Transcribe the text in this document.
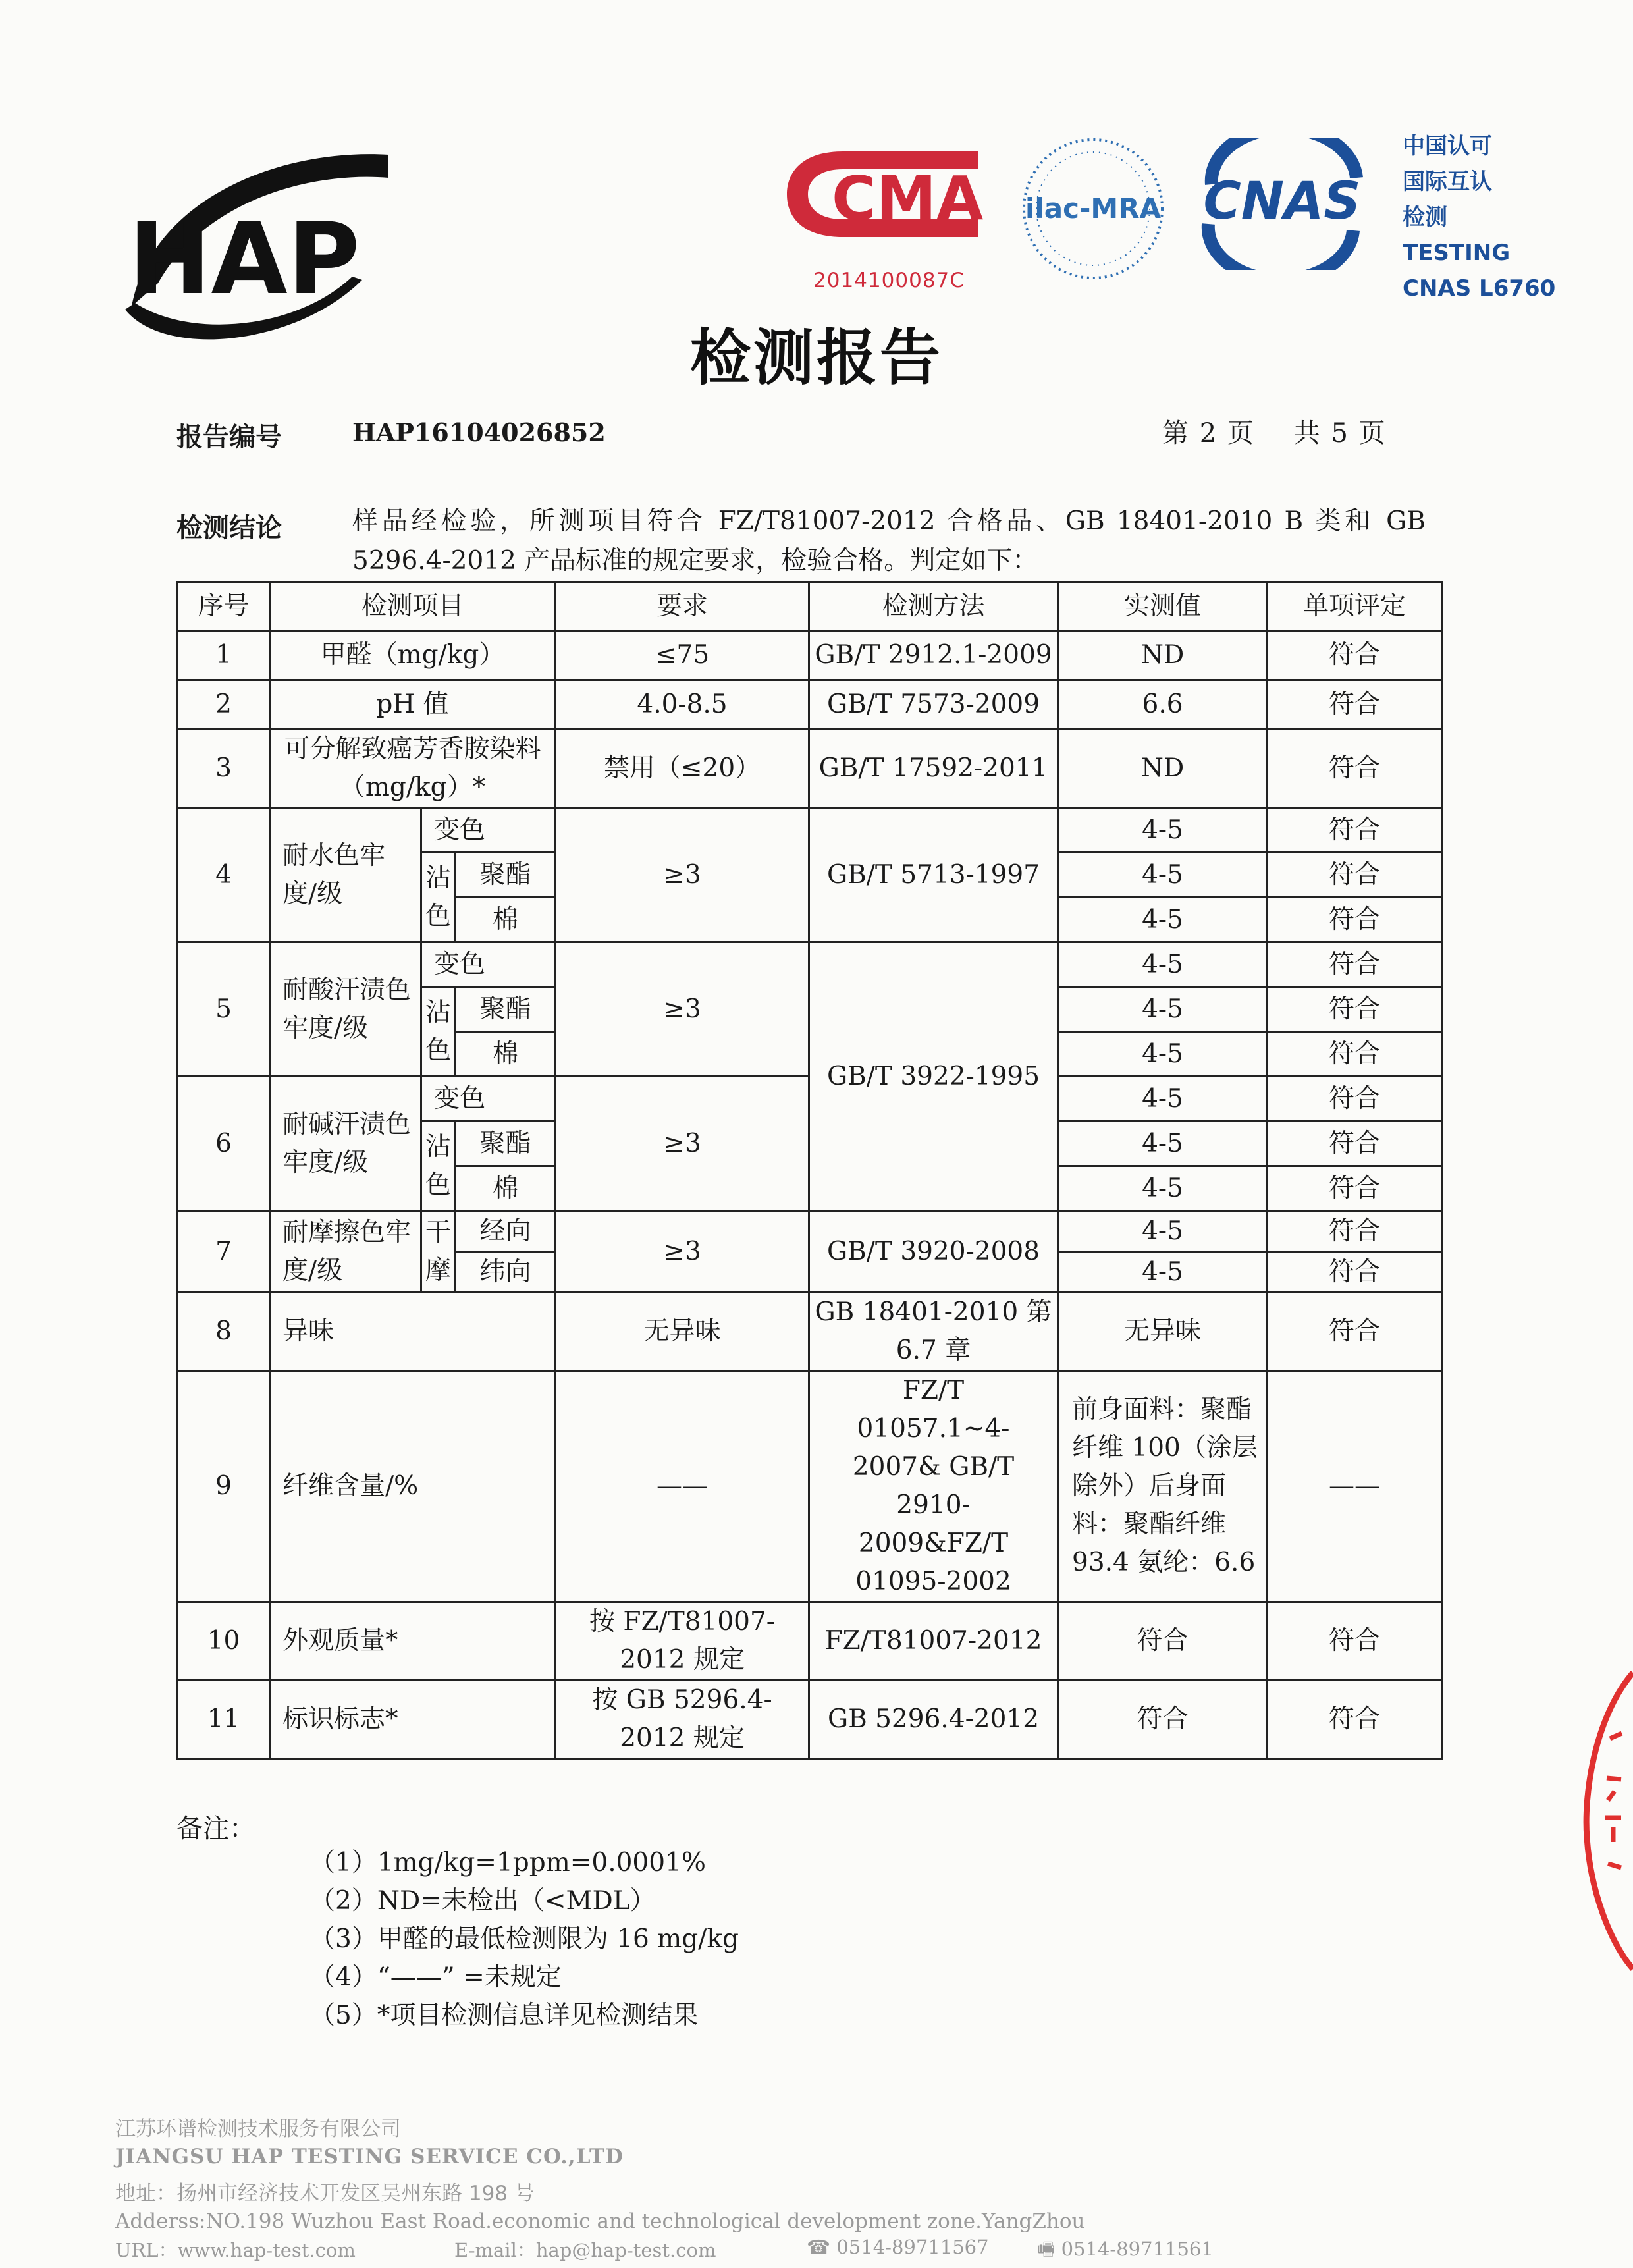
HAP
CMA
2014100087C
ilac-MRA CNAS
中国认可
国际互认
检测
TESTING
CNAS L6760
检测报告
报告编号	HAP16104026852	第 2 页    共 5 页
检测结论	样品经检验，所测项目符合 FZ/T81007-2012 合格品、GB 18401-2010 B 类和 GB 5296.4-2012 产品标准的规定要求，检验合格。判定如下：
序号	检测项目			要求	检测方法	实测值	单项评定
1	甲醛（mg/kg）			≤75	GB/T 2912.1-2009	ND	符合
2	pH 值			4.0-8.5	GB/T 7573-2009	6.6	符合
3	可分解致癌芳香胺染料（mg/kg）*			禁用（≤20）	GB/T 17592-2011	ND	符合
4	耐水色牢度/级	变色		≥3	GB/T 5713-1997	4-5	符合
		沾色	聚酯			4-5	符合
			棉			4-5	符合
5	耐酸汗渍色牢度/级	变色		≥3	GB/T 3922-1995	4-5	符合
		沾色	聚酯			4-5	符合
			棉			4-5	符合
6	耐碱汗渍色牢度/级	变色		≥3		4-5	符合
		沾色	聚酯			4-5	符合
			棉			4-5	符合
7	耐摩擦色牢度/级	干摩	经向	≥3	GB/T 3920-2008	4-5	符合
			纬向			4-5	符合
8	异味			无异味	GB 18401-2010 第 6.7 章	无异味	符合
9	纤维含量/%			——	FZ/T 01057.1~4-2007& GB/T 2910-2009&FZ/T 01095-2002	前身面料：聚酯纤维 100（涂层除外）后身面料：聚酯纤维 93.4 氨纶：6.6	——
10	外观质量*			按 FZ/T81007-2012 规定	FZ/T81007-2012	符合	符合
11	标识标志*			按 GB 5296.4-2012 规定	GB 5296.4-2012	符合	符合
备注：
（1）1mg/kg=1ppm=0.0001%
（2）ND=未检出（<MDL）
（3）甲醛的最低检测限为 16 mg/kg
（4）“——” =未规定
（5）*项目检测信息详见检测结果
江苏环谱检测技术服务有限公司
JIANGSU HAP TESTING SERVICE CO.,LTD
地址：扬州市经济技术开发区吴州东路 198 号
Adderss:NO.198 Wuzhou East Road.economic and technological development zone.YangZhou
URL：www.hap-test.com	E-mail：hap@hap-test.com	☎ 0514-89711567	🖷 0514-89711561
